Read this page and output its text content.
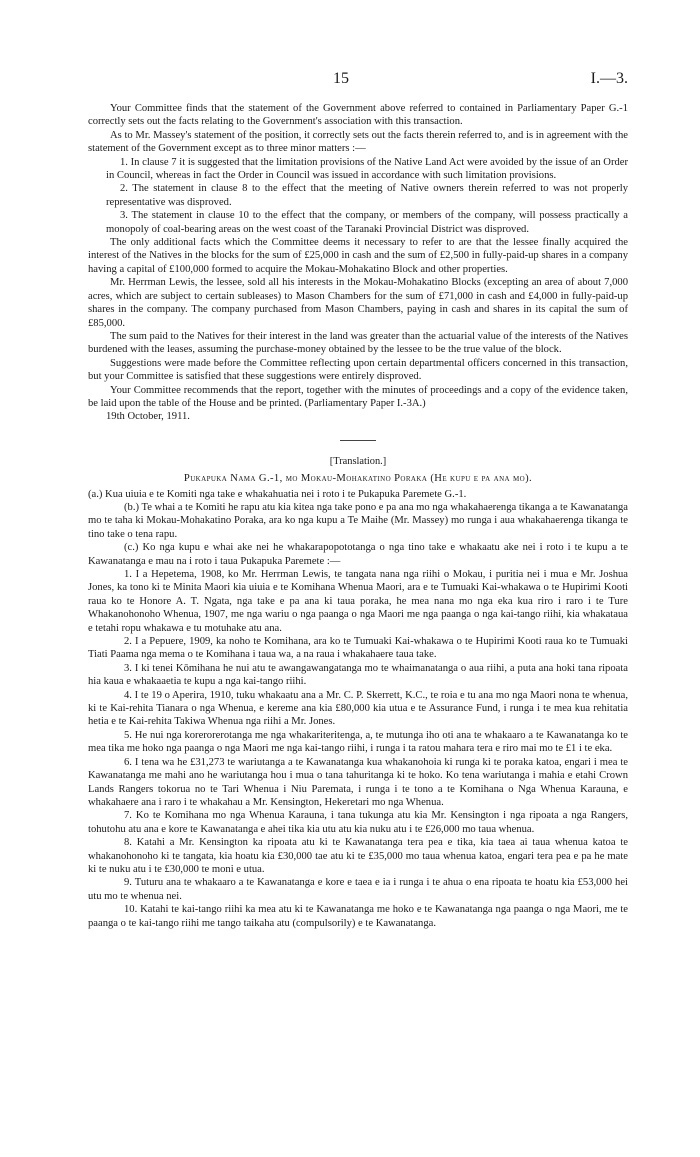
15	I.—3.

Your Committee finds that the statement of the Government above referred to contained in Parliamentary Paper G.-1 correctly sets out the facts relating to the Government's association with this transaction.

As to Mr. Massey's statement of the position, it correctly sets out the facts therein referred to, and is in agreement with the statement of the Government except as to three minor matters :—

1. In clause 7 it is suggested that the limitation provisions of the Native Land Act were avoided by the issue of an Order in Council, whereas in fact the Order in Council was issued in accordance with such limitation provisions.

2. The statement in clause 8 to the effect that the meeting of Native owners therein referred to was not properly representative was disproved.

3. The statement in clause 10 to the effect that the company, or members of the company, will possess practically a monopoly of coal-bearing areas on the west coast of the Taranaki Provincial District was disproved.

The only additional facts which the Committee deems it necessary to refer to are that the lessee finally acquired the interest of the Natives in the blocks for the sum of £25,000 in cash and the sum of £2,500 in fully-paid-up shares in a company having a capital of £100,000 formed to acquire the Mokau-Mohakatino Block and other properties.

Mr. Herrman Lewis, the lessee, sold all his interests in the Mokau-Mohakatino Blocks (excepting an area of about 7,000 acres, which are subject to certain subleases) to Mason Chambers for the sum of £71,000 in cash and £4,000 in fully-paid-up shares in the company. The company purchased from Mason Chambers, paying in cash and shares in its capital the sum of £85,000.

The sum paid to the Natives for their interest in the land was greater than the actuarial value of the interests of the Natives burdened with the leases, assuming the purchase-money obtained by the lessee to be the true value of the block.

Suggestions were made before the Committee reflecting upon certain departmental officers concerned in this transaction, but your Committee is satisfied that these suggestions were entirely disproved.

Your Committee recommends that the report, together with the minutes of proceedings and a copy of the evidence taken, be laid upon the table of the House and be printed. (Parliamentary Paper I.-3A.)

19th October, 1911.

[Translation.]
Pukapuka Nama G.-1, mo Mokau-Mohakatino Poraka (He kupu e pa ana mo).

(a.) Kua uiuia e te Komiti nga take e whakahuatia nei i roto i te Pukapuka Paremete G.-1.

(b.) Te whai a te Komiti he rapu atu kia kitea nga take pono e pa ana mo nga whakahaerenga tikanga a te Kawanatanga mo te taha ki Mokau-Mohakatino Poraka, ara ko nga kupu a Te Maihe (Mr. Massey) mo runga i aua whakahaerenga tikanga te tino take o tena rapu.

(c.) Ko nga kupu e whai ake nei he whakarapopototanga o nga tino take e whakaatu ake nei i roto i te kupu a te Kawanatanga e mau na i roto i taua Pukapuka Paremete :—

1. I a Hepetema, 1908, ko Mr. Herrman Lewis, te tangata nana nga riihi o Mokau, i puritia nei i mua e Mr. Joshua Jones, ka tono ki te Minita Maori kia uiuia e te Komihana Whenua Maori, ara e te Tumuaki Kai-whakawa o te Hupirimi Kooti raua ko te Honore A. T. Ngata, nga take e pa ana ki taua poraka, he mea nana mo nga eka kua riro i raro i te Ture Whakanohonoho Whenua, 1907, me nga wariu o nga paanga o nga Maori me nga paanga o nga kai-tango riihi, kia whakataua e tetahi ropu whakawa e tu motuhake atu ana.

2. I a Pepuere, 1909, ka noho te Komihana, ara ko te Tumuaki Kai-whakawa o te Hupirimi Kooti raua ko te Tumuaki Tiati Paama nga mema o te Komihana i taua wa, a na raua i whakahaere taua take.

3. I ki tenei Kōmihana he nui atu te awangawangatanga mo te whaimanatanga o aua riihi, a puta ana hoki tana ripoata hia kaua e whakaaetia te kupu a nga kai-tango riihi.

4. I te 19 o Aperira, 1910, tuku whakaatu ana a Mr. C. P. Skerrett, K.C., te roia e tu ana mo nga Maori nona te whenua, ki te Kai-rehita Tianara o nga Whenua, e kereme ana kia £80,000 kia utua e te Assurance Fund, i runga i te mea kua rehitatia hetia e te Kai-rehita Takiwa Whenua nga riihi a Mr. Jones.

5. He nui nga korerorerotanga me nga whakariteritenga, a, te mutunga iho oti ana te whakaaro a te Kawanatanga ko te mea tika me hoko nga paanga o nga Maori me nga kai-tango riihi, i runga i ta ratou mahara tera e riro mai mo te £1 i te eka.

6. I tena wa he £31,273 te wariutanga a te Kawanatanga kua whakanohoia ki runga ki te poraka katoa, engari i mea te Kawanatanga me mahi ano he wariutanga hou i mua o tana tahuritanga ki te hoko. Ko tena wariutanga i mahia e etahi Crown Lands Rangers tokorua no te Tari Whenua i Niu Paremata, i runga i te tono a te Komihana o Nga Whenua Karauna, e whakahaere ana i raro i te whakahau a Mr. Kensington, Hekeretari mo nga Whenua.

7. Ko te Komihana mo nga Whenua Karauna, i tana tukunga atu kia Mr. Kensington i nga ripoata a nga Rangers, tohutohu atu ana e kore te Kawanatanga e ahei tika kia utu atu kia nuku atu i te £26,000 mo taua whenua.

8. Katahi a Mr. Kensington ka ripoata atu ki te Kawanatanga tera pea e tika, kia taea ai taua whenua katoa te whakanohonoho ki te tangata, kia hoatu kia £30,000 tae atu ki te £35,000 mo taua whenua katoa, engari tera pea e pa he mate ki te nuku atu i te £30,000 te moni e utua.

9. Tuturu ana te whakaaro a te Kawanatanga e kore e taea e ia i runga i te ahua o ena ripoata te hoatu kia £53,000 hei utu mo te whenua nei.

10. Katahi te kai-tango riihi ka mea atu ki te Kawanatanga me hoko e te Kawanatanga nga paanga o nga Maori, me te paanga o te kai-tango riihi me tango taikaha atu (compulsorily) e te Kawanatanga.
